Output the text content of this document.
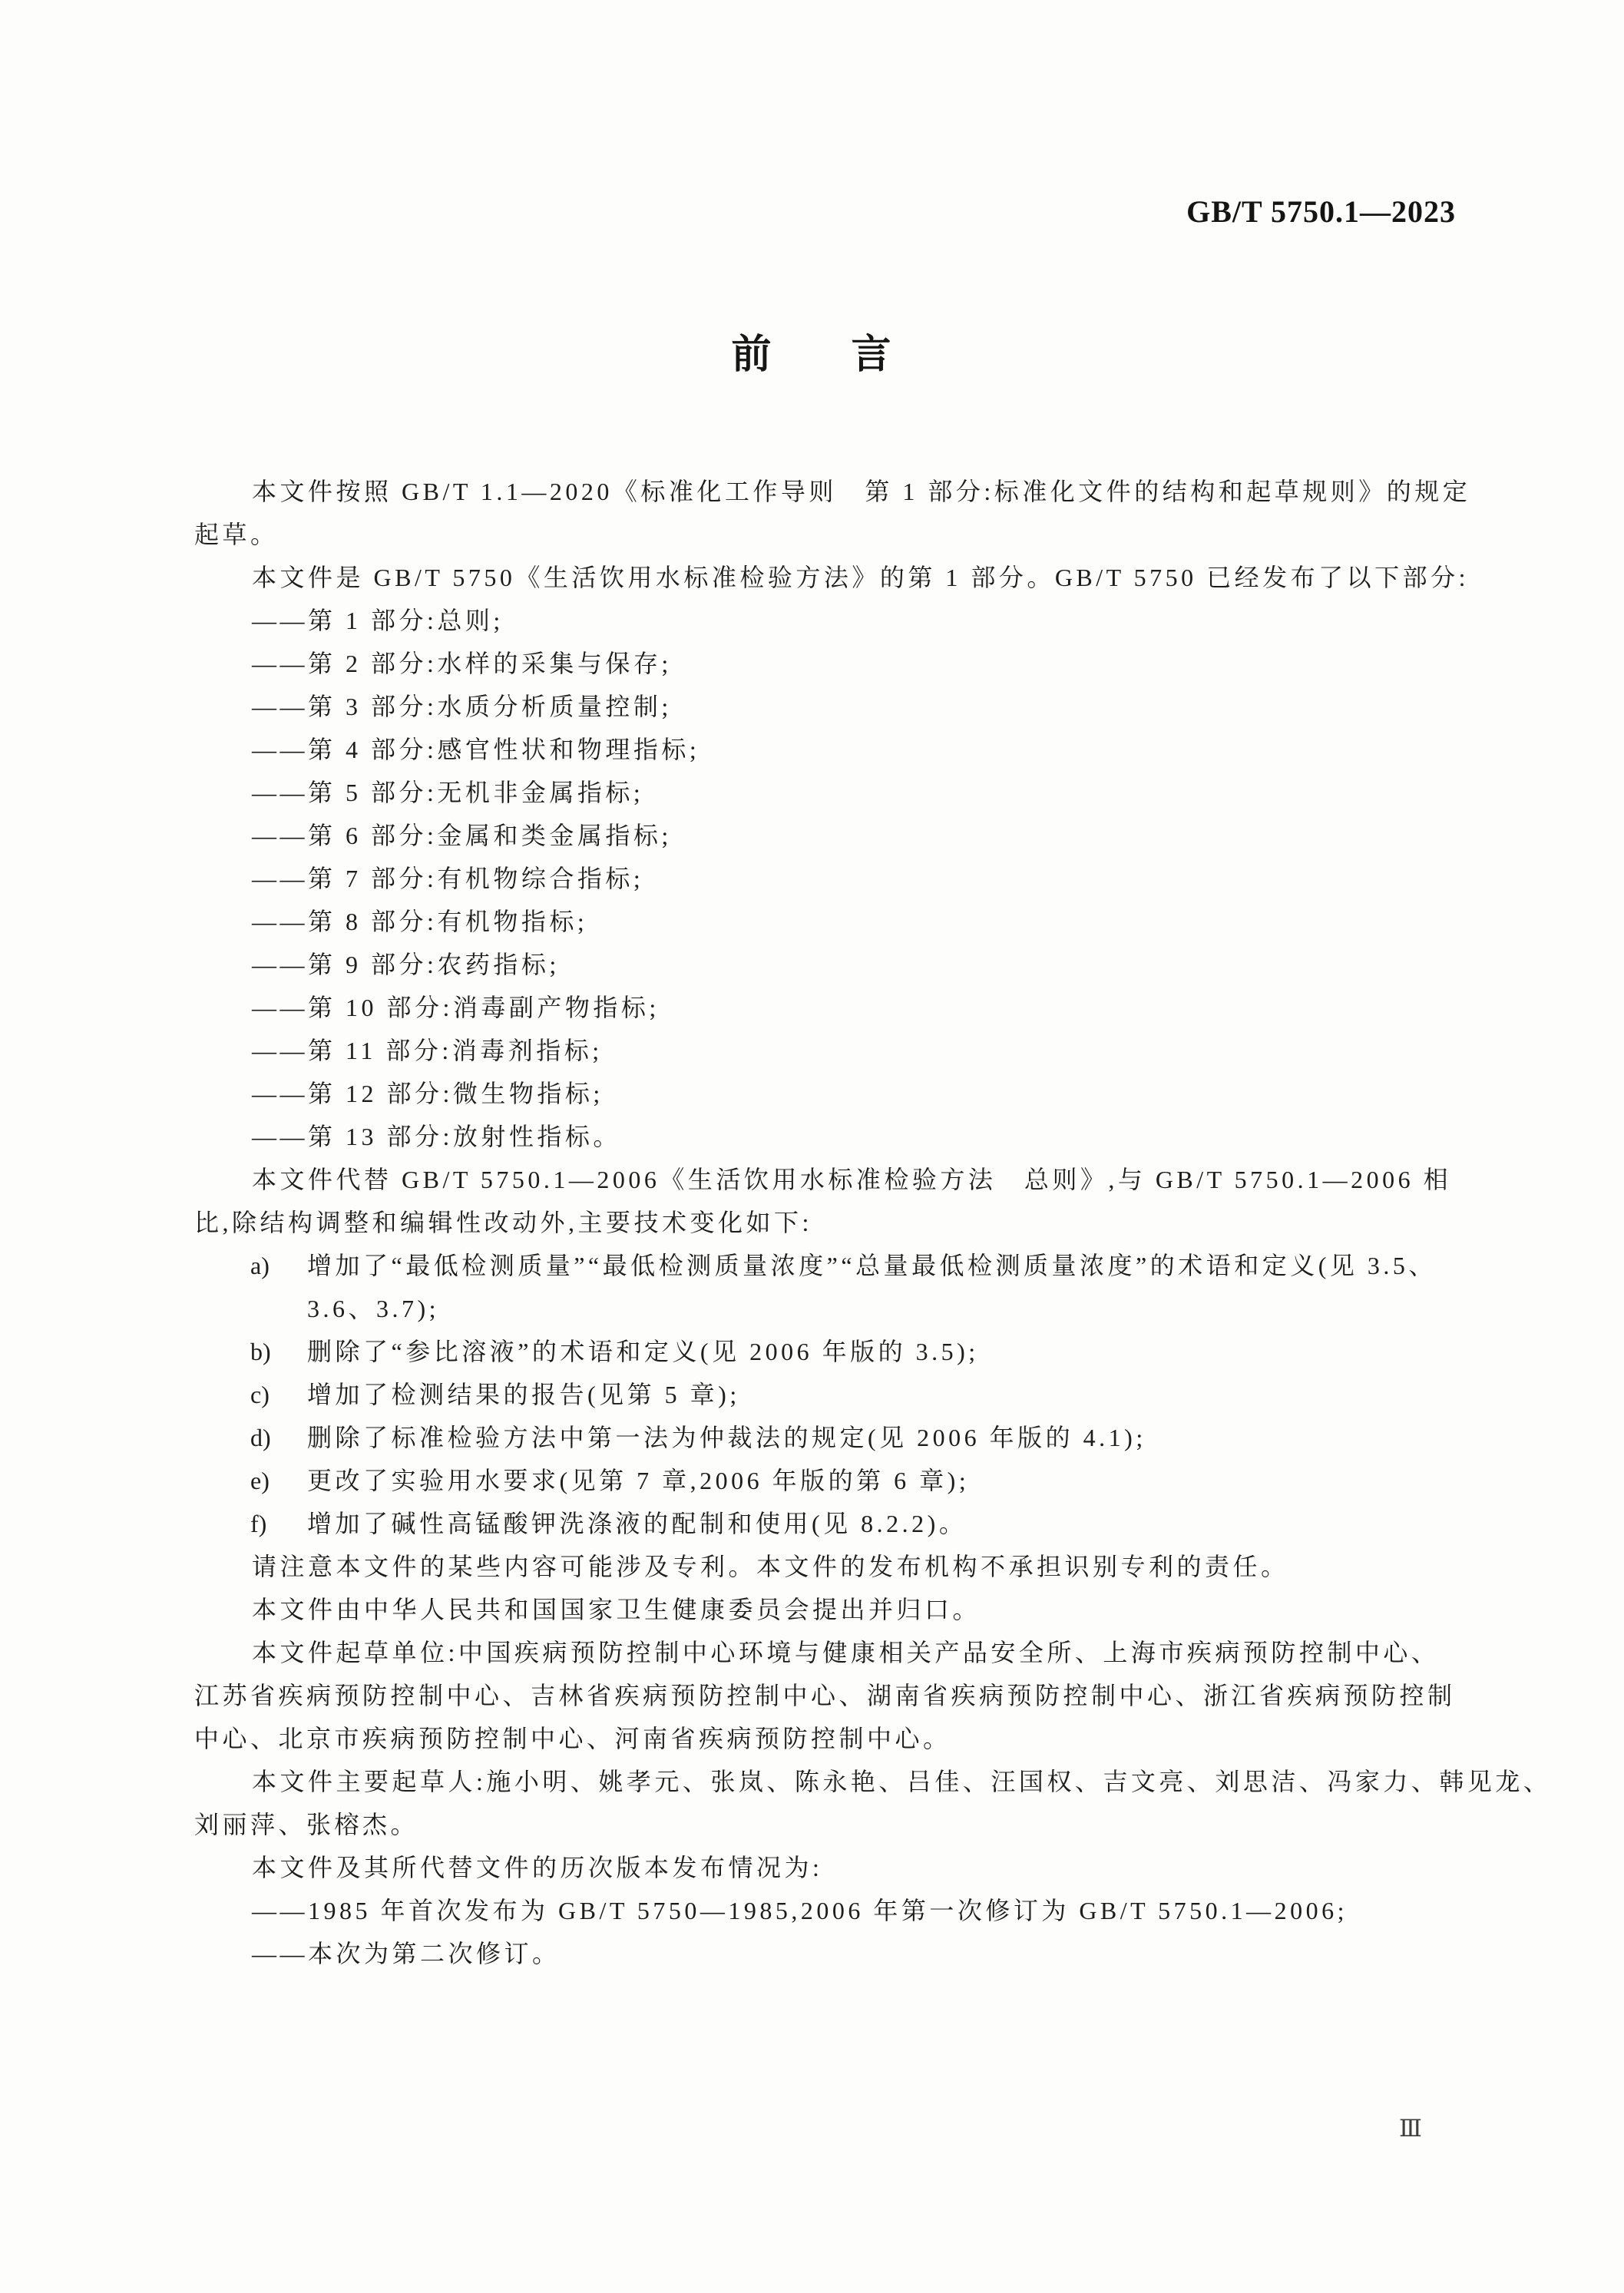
GB/T 5750.1—2023
前　　言
本文件按照 GB/T 1.1—2020《标准化工作导则　第 1 部分:标准化文件的结构和起草规则》的规定
起草。
本文件是 GB/T 5750《生活饮用水标准检验方法》的第 1 部分。GB/T 5750 已经发布了以下部分:
——第 1 部分:总则;
——第 2 部分:水样的采集与保存;
——第 3 部分:水质分析质量控制;
——第 4 部分:感官性状和物理指标;
——第 5 部分:无机非金属指标;
——第 6 部分:金属和类金属指标;
——第 7 部分:有机物综合指标;
——第 8 部分:有机物指标;
——第 9 部分:农药指标;
——第 10 部分:消毒副产物指标;
——第 11 部分:消毒剂指标;
——第 12 部分:微生物指标;
——第 13 部分:放射性指标。
本文件代替 GB/T 5750.1—2006《生活饮用水标准检验方法　总则》,与 GB/T 5750.1—2006 相
比,除结构调整和编辑性改动外,主要技术变化如下:
a) 增加了“最低检测质量”“最低检测质量浓度”“总量最低检测质量浓度”的术语和定义(见 3.5、
3.6、3.7);
b) 删除了“参比溶液”的术语和定义(见 2006 年版的 3.5);
c) 增加了检测结果的报告(见第 5 章);
d) 删除了标准检验方法中第一法为仲裁法的规定(见 2006 年版的 4.1);
e) 更改了实验用水要求(见第 7 章,2006 年版的第 6 章);
f) 增加了碱性高锰酸钾洗涤液的配制和使用(见 8.2.2)。
请注意本文件的某些内容可能涉及专利。本文件的发布机构不承担识别专利的责任。
本文件由中华人民共和国国家卫生健康委员会提出并归口。
本文件起草单位:中国疾病预防控制中心环境与健康相关产品安全所、上海市疾病预防控制中心、
江苏省疾病预防控制中心、吉林省疾病预防控制中心、湖南省疾病预防控制中心、浙江省疾病预防控制
中心、北京市疾病预防控制中心、河南省疾病预防控制中心。
本文件主要起草人:施小明、姚孝元、张岚、陈永艳、吕佳、汪国权、吉文亮、刘思洁、冯家力、韩见龙、
刘丽萍、张榕杰。
本文件及其所代替文件的历次版本发布情况为:
——1985 年首次发布为 GB/T 5750—1985,2006 年第一次修订为 GB/T 5750.1—2006;
——本次为第二次修订。
Ⅲ
